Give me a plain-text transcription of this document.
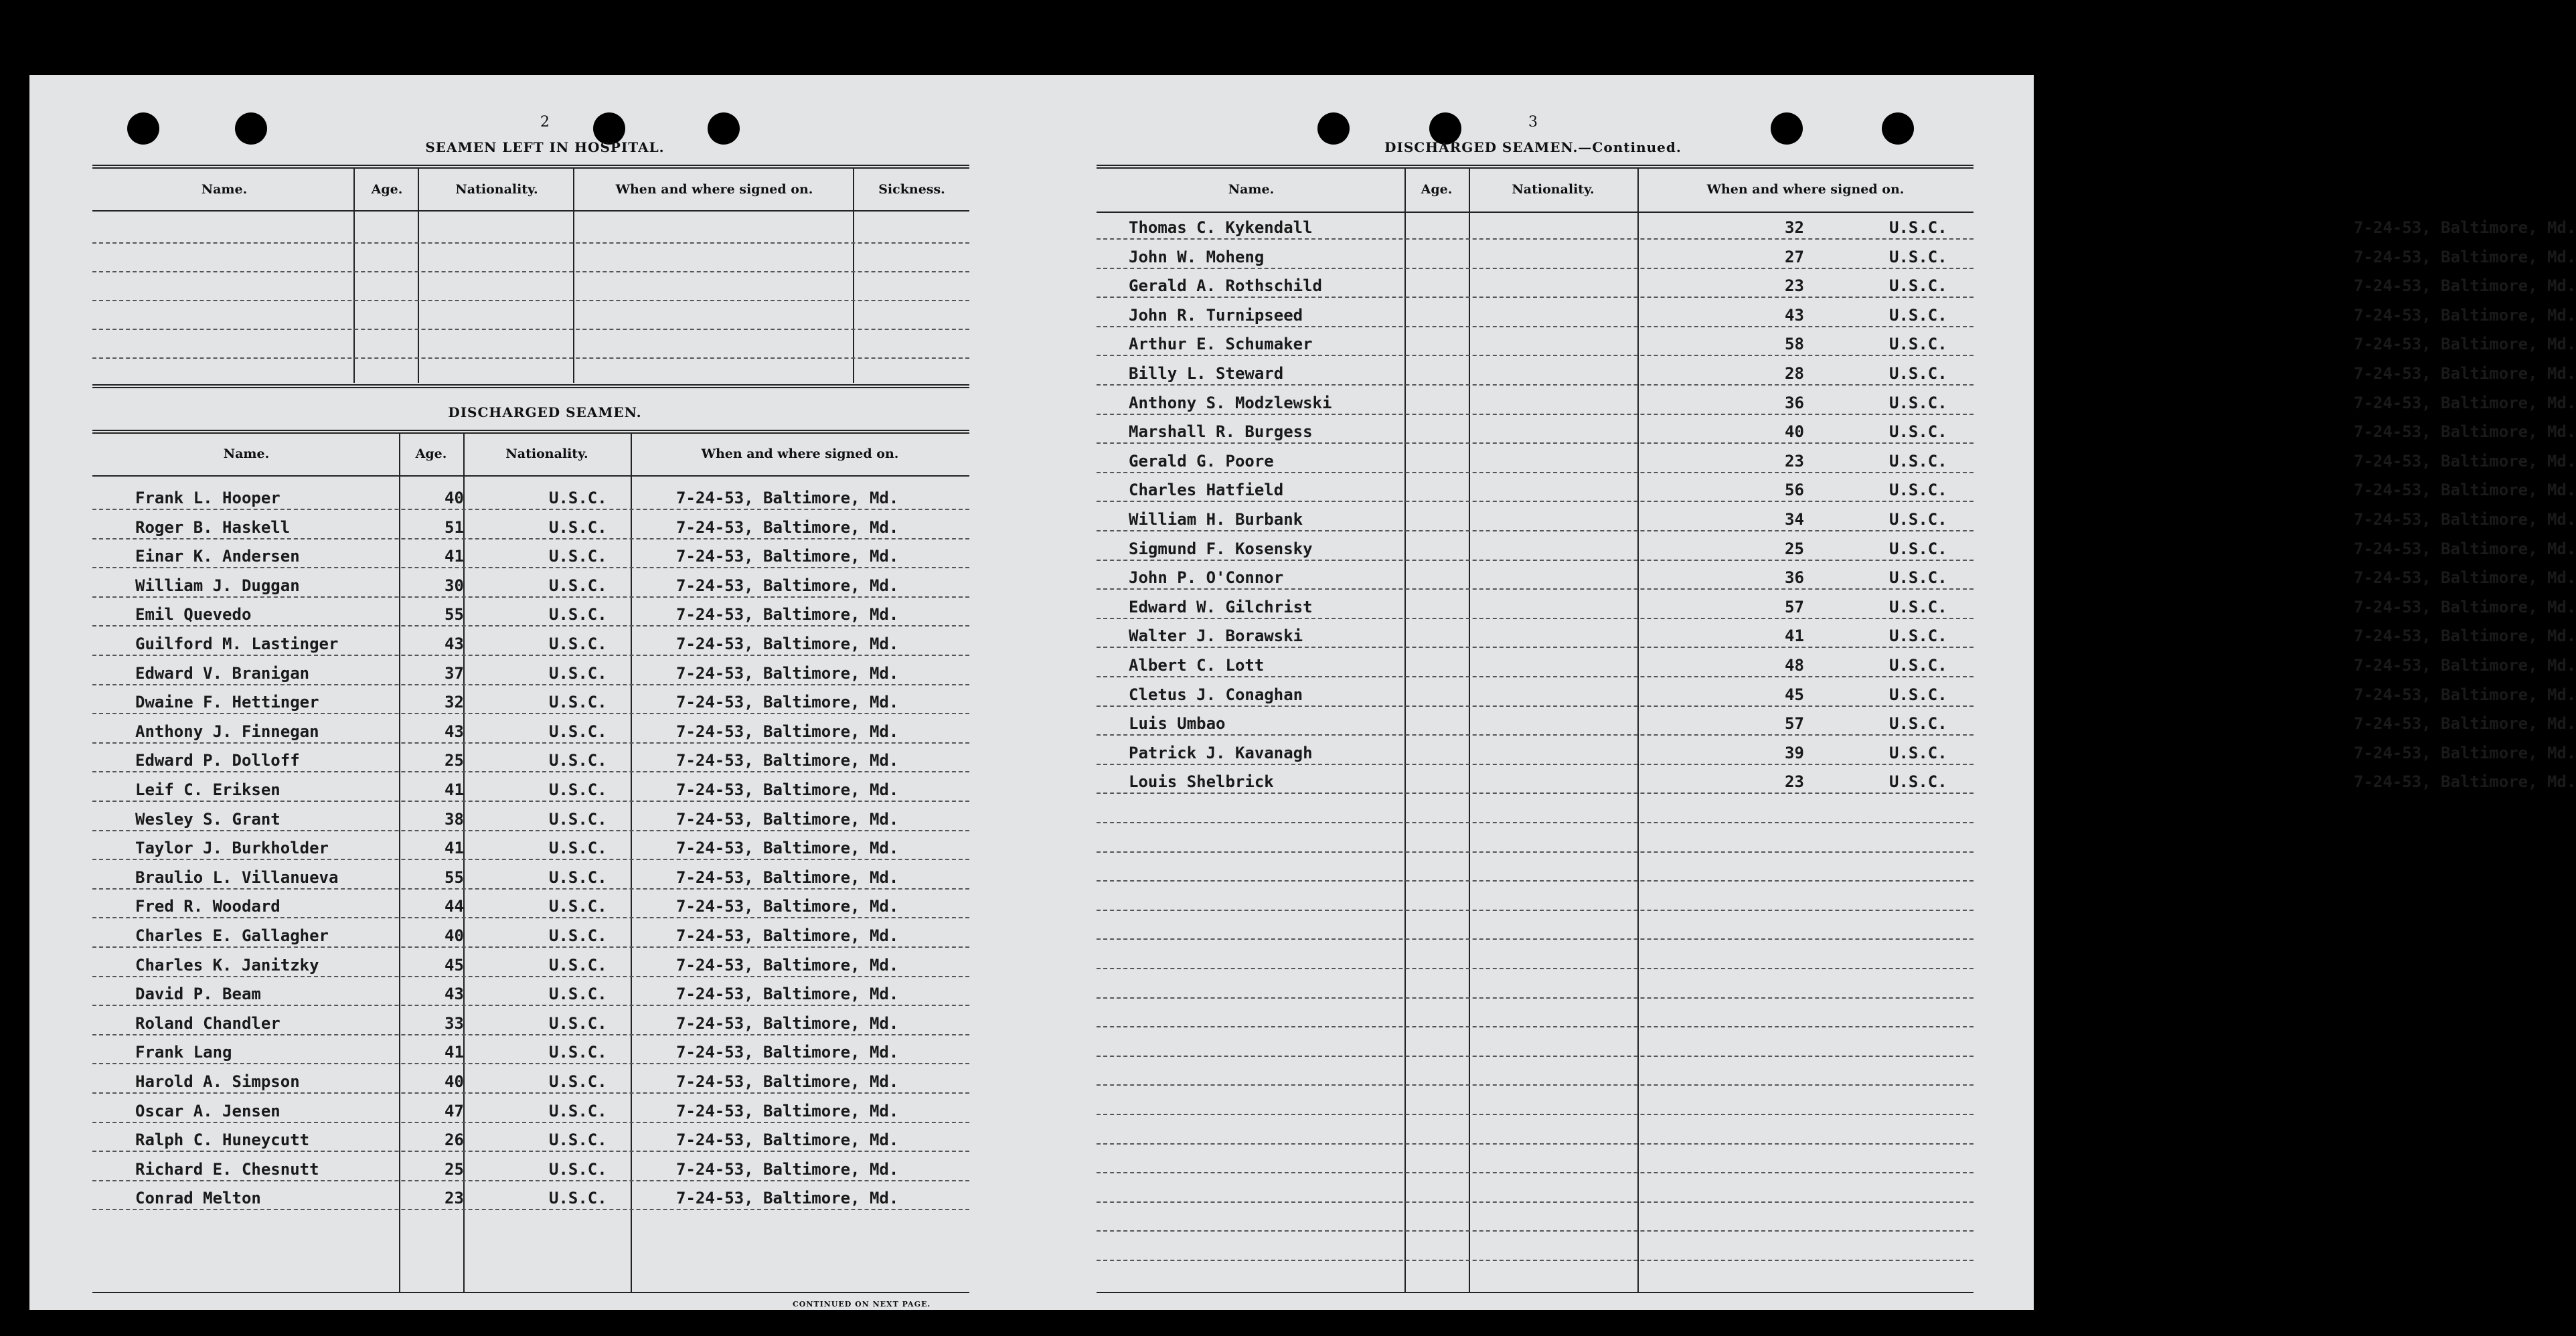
2
SEAMEN LEFT IN HOSPITAL.
Name.	Age.	Nationality.	When and where signed on.	Sickness.
DISCHARGED SEAMEN.
Name.	Age.	Nationality.	When and where signed on.
Frank L. Hooper	40	U.S.C.	7-24-53, Baltimore, Md.
Roger B. Haskell	51	U.S.C.	7-24-53, Baltimore, Md.
Einar K. Andersen	41	U.S.C.	7-24-53, Baltimore, Md.
William J. Duggan	30	U.S.C.	7-24-53, Baltimore, Md.
Emil Quevedo	55	U.S.C.	7-24-53, Baltimore, Md.
Guilford M. Lastinger	43	U.S.C.	7-24-53, Baltimore, Md.
Edward V. Branigan	37	U.S.C.	7-24-53, Baltimore, Md.
Dwaine F. Hettinger	32	U.S.C.	7-24-53, Baltimore, Md.
Anthony J. Finnegan	43	U.S.C.	7-24-53, Baltimore, Md.
Edward P. Dolloff	25	U.S.C.	7-24-53, Baltimore, Md.
Leif C. Eriksen	41	U.S.C.	7-24-53, Baltimore, Md.
Wesley S. Grant	38	U.S.C.	7-24-53, Baltimore, Md.
Taylor J. Burkholder	41	U.S.C.	7-24-53, Baltimore, Md.
Braulio L. Villanueva	55	U.S.C.	7-24-53, Baltimore, Md.
Fred R. Woodard	44	U.S.C.	7-24-53, Baltimore, Md.
Charles E. Gallagher	40	U.S.C.	7-24-53, Baltimore, Md.
Charles K. Janitzky	45	U.S.C.	7-24-53, Baltimore, Md.
David P. Beam	43	U.S.C.	7-24-53, Baltimore, Md.
Roland Chandler	33	U.S.C.	7-24-53, Baltimore, Md.
Frank Lang	41	U.S.C.	7-24-53, Baltimore, Md.
Harold A. Simpson	40	U.S.C.	7-24-53, Baltimore, Md.
Oscar A. Jensen	47	U.S.C.	7-24-53, Baltimore, Md.
Ralph C. Huneycutt	26	U.S.C.	7-24-53, Baltimore, Md.
Richard E. Chesnutt	25	U.S.C.	7-24-53, Baltimore, Md.
Conrad Melton	23	U.S.C.	7-24-53, Baltimore, Md.
CONTINUED ON NEXT PAGE.
3
DISCHARGED SEAMEN.—Continued.
Name.	Age.	Nationality.	When and where signed on.
Thomas C. Kykendall	32	U.S.C.	7-24-53, Baltimore, Md.
John W. Moheng	27	U.S.C.	7-24-53, Baltimore, Md.
Gerald A. Rothschild	23	U.S.C.	7-24-53, Baltimore, Md.
John R. Turnipseed	43	U.S.C.	7-24-53, Baltimore, Md.
Arthur E. Schumaker	58	U.S.C.	7-24-53, Baltimore, Md.
Billy L. Steward	28	U.S.C.	7-24-53, Baltimore, Md.
Anthony S. Modzlewski	36	U.S.C.	7-24-53, Baltimore, Md.
Marshall R. Burgess	40	U.S.C.	7-24-53, Baltimore, Md.
Gerald G. Poore	23	U.S.C.	7-24-53, Baltimore, Md.
Charles Hatfield	56	U.S.C.	7-24-53, Baltimore, Md.
William H. Burbank	34	U.S.C.	7-24-53, Baltimore, Md.
Sigmund F. Kosensky	25	U.S.C.	7-24-53, Baltimore, Md.
John P. O'Connor	36	U.S.C.	7-24-53, Baltimore, Md.
Edward W. Gilchrist	57	U.S.C.	7-24-53, Baltimore, Md.
Walter J. Borawski	41	U.S.C.	7-24-53, Baltimore, Md.
Albert C. Lott	48	U.S.C.	7-24-53, Baltimore, Md.
Cletus J. Conaghan	45	U.S.C.	7-24-53, Baltimore, Md.
Luis Umbao	57	U.S.C.	7-24-53, Baltimore, Md.
Patrick J. Kavanagh	39	U.S.C.	7-24-53, Baltimore, Md.
Louis Shelbrick	23	U.S.C.	7-24-53, Baltimore, Md.
